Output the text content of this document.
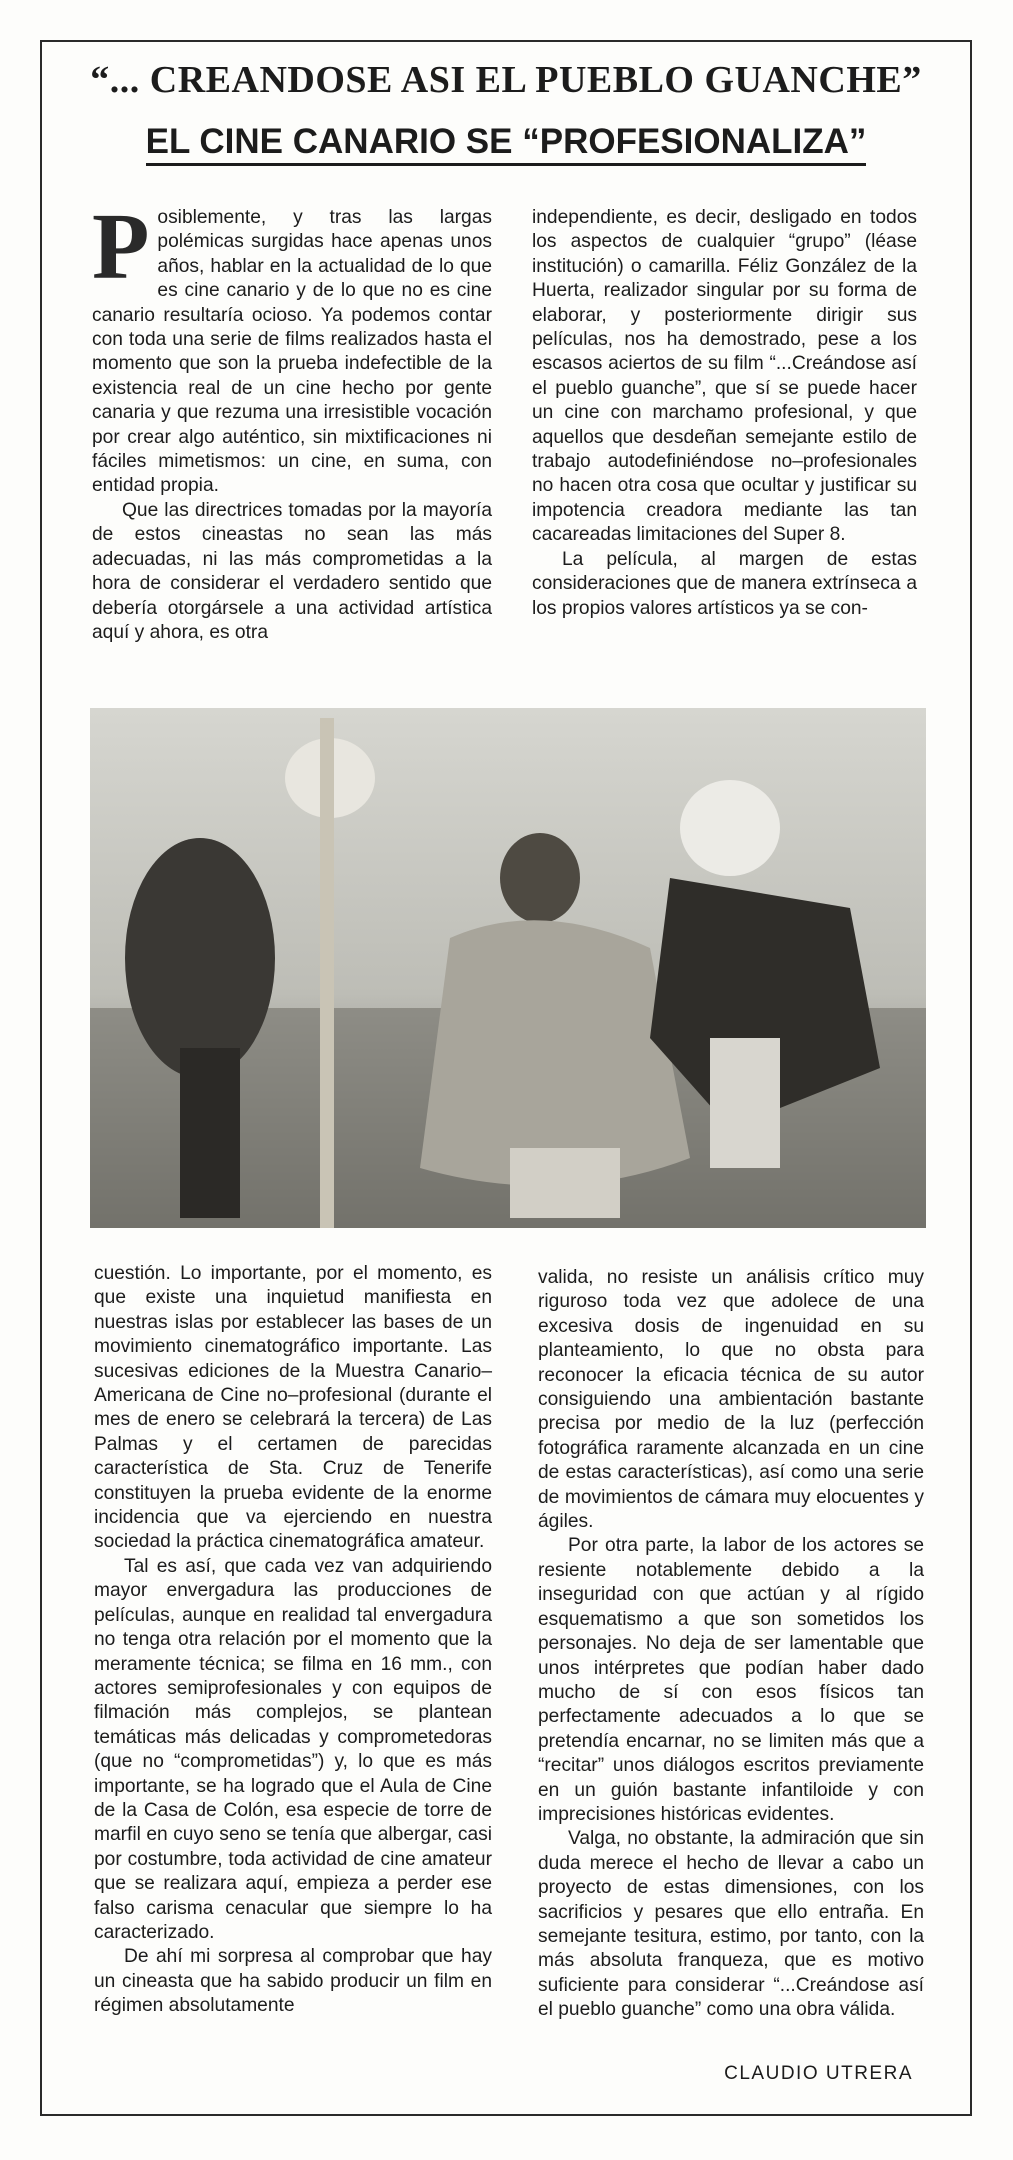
“... CREANDOSE ASI EL PUEBLO GUANCHE”
EL CINE CANARIO SE “PROFESIONALIZA”

Posiblemente, y tras las largas polémicas surgidas hace apenas unos años, hablar en la actualidad de lo que es cine canario y de lo que no es cine canario resultaría ocioso. Ya podemos contar con toda una serie de films realizados hasta el momento que son la prueba indefectible de la existencia real de un cine hecho por gente canaria y que rezuma una irresistible vocación por crear algo auténtico, sin mixtificaciones ni fáciles mimetismos: un cine, en suma, con entidad propia.

Que las directrices tomadas por la mayoría de estos cineastas no sean las más adecuadas, ni las más comprometidas a la hora de considerar el verdadero sentido que debería otorgársele a una actividad artística aquí y ahora, es otra

independiente, es decir, desligado en todos los aspectos de cualquier “grupo” (léase institución) o camarilla. Féliz González de la Huerta, realizador singular por su forma de elaborar, y posteriormente dirigir sus películas, nos ha demostrado, pese a los escasos aciertos de su film “...Creándose así el pueblo guanche”, que sí se puede hacer un cine con marchamo profesional, y que aquellos que desdeñan semejante estilo de trabajo autodefiniéndose no–profesionales no hacen otra cosa que ocultar y justificar su impotencia creadora mediante las tan cacareadas limitaciones del Super 8.

La película, al margen de estas consideraciones que de manera extrínseca a los propios valores artísticos ya se con-

cuestión. Lo importante, por el momento, es que existe una inquietud manifiesta en nuestras islas por establecer las bases de un movimiento cinematográfico importante. Las sucesivas ediciones de la Muestra Canario–Americana de Cine no–profesional (durante el mes de enero se celebrará la tercera) de Las Palmas y el certamen de parecidas característica de Sta. Cruz de Tenerife constituyen la prueba evidente de la enorme incidencia que va ejerciendo en nuestra sociedad la práctica cinematográfica amateur.

Tal es así, que cada vez van adquiriendo mayor envergadura las producciones de películas, aunque en realidad tal envergadura no tenga otra relación por el momento que la meramente técnica; se filma en 16 mm., con actores semiprofesionales y con equipos de filmación más complejos, se plantean temáticas más delicadas y comprometedoras (que no “comprometidas”) y, lo que es más importante, se ha logrado que el Aula de Cine de la Casa de Colón, esa especie de torre de marfil en cuyo seno se tenía que albergar, casi por costumbre, toda actividad de cine amateur que se realizara aquí, empieza a perder ese falso carisma cenacular que siempre lo ha caracterizado.

De ahí mi sorpresa al comprobar que hay un cineasta que ha sabido producir un film en régimen absolutamente

valida, no resiste un análisis crítico muy riguroso toda vez que adolece de una excesiva dosis de ingenuidad en su planteamiento, lo que no obsta para reconocer la eficacia técnica de su autor consiguiendo una ambientación bastante precisa por medio de la luz (perfección fotográfica raramente alcanzada en un cine de estas características), así como una serie de movimientos de cámara muy elocuentes y ágiles.

Por otra parte, la labor de los actores se resiente notablemente debido a la inseguridad con que actúan y al rígido esquematismo a que son sometidos los personajes. No deja de ser lamentable que unos intérpretes que podían haber dado mucho de sí con esos físicos tan perfectamente adecuados a lo que se pretendía encarnar, no se limiten más que a “recitar” unos diálogos escritos previamente en un guión bastante infantiloide y con imprecisiones históricas evidentes.

Valga, no obstante, la admiración que sin duda merece el hecho de llevar a cabo un proyecto de estas dimensiones, con los sacrificios y pesares que ello entraña. En semejante tesitura, estimo, por tanto, con la más absoluta franqueza, que es motivo suficiente para considerar “...Creándose así el pueblo guanche” como una obra válida.

CLAUDIO UTRERA
